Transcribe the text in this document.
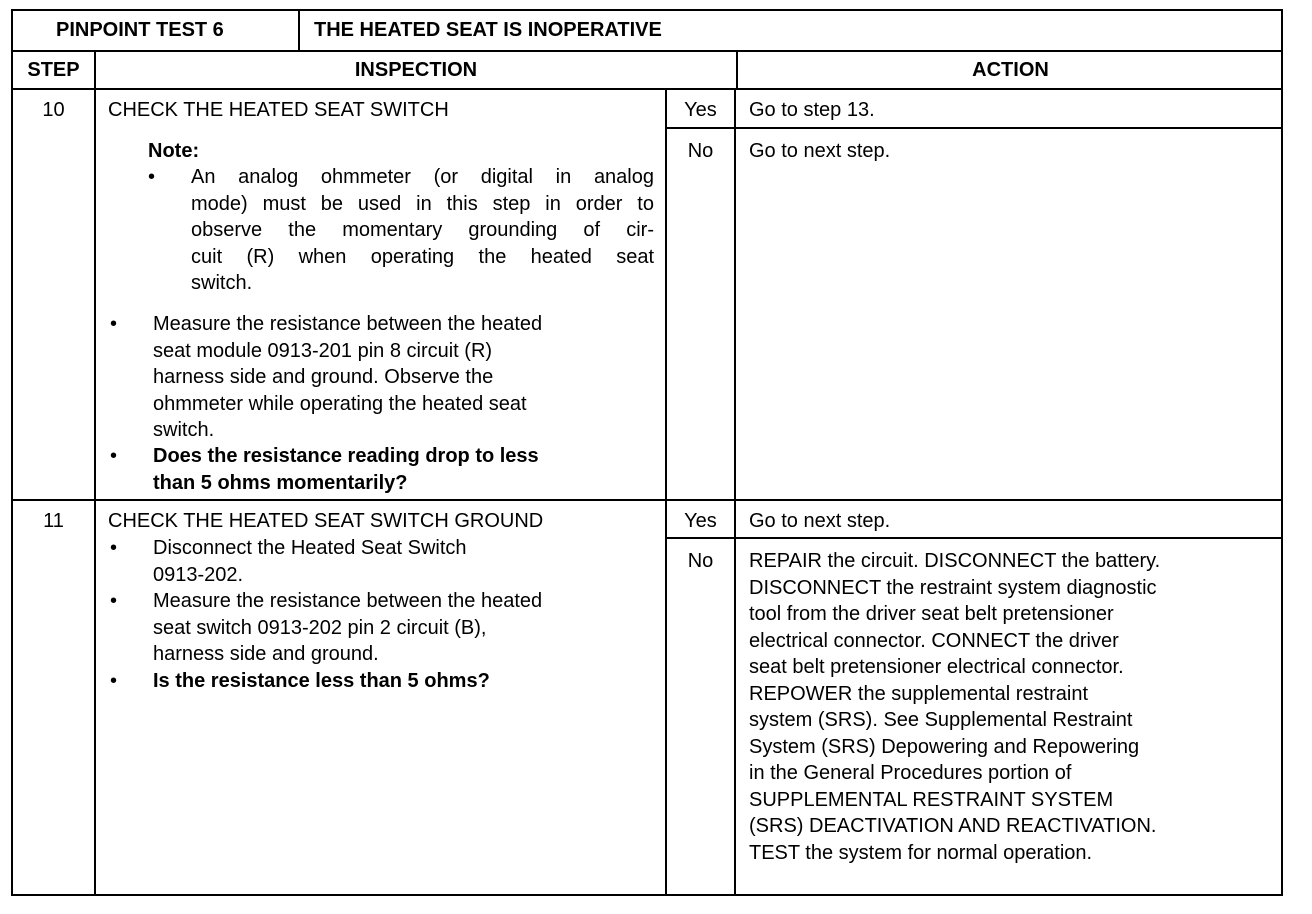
PINPOINT TEST 6	THE HEATED SEAT IS INOPERATIVE
STEP	INSPECTION	ACTION
10	CHECK THE HEATED SEAT SWITCH
Note:
• An analog ohmmeter (or digital in analog
mode) must be used in this step in order to
observe the momentary grounding of cir-
cuit (R) when operating the heated seat
switch.
• Measure the resistance between the heated
seat module 0913-201 pin 8 circuit (R)
harness side and ground. Observe the
ohmmeter while operating the heated seat
switch.
• Does the resistance reading drop to less
than 5 ohms momentarily?
Yes	Go to step 13.
No	Go to next step.
11	CHECK THE HEATED SEAT SWITCH GROUND
• Disconnect the Heated Seat Switch
0913-202.
• Measure the resistance between the heated
seat switch 0913-202 pin 2 circuit (B),
harness side and ground.
• Is the resistance less than 5 ohms?
Yes	Go to next step.
No	REPAIR the circuit. DISCONNECT the battery.
DISCONNECT the restraint system diagnostic
tool from the driver seat belt pretensioner
electrical connector. CONNECT the driver
seat belt pretensioner electrical connector.
REPOWER the supplemental restraint
system (SRS). See Supplemental Restraint
System (SRS) Depowering and Repowering
in the General Procedures portion of
SUPPLEMENTAL RESTRAINT SYSTEM
(SRS) DEACTIVATION AND REACTIVATION.
TEST the system for normal operation.
